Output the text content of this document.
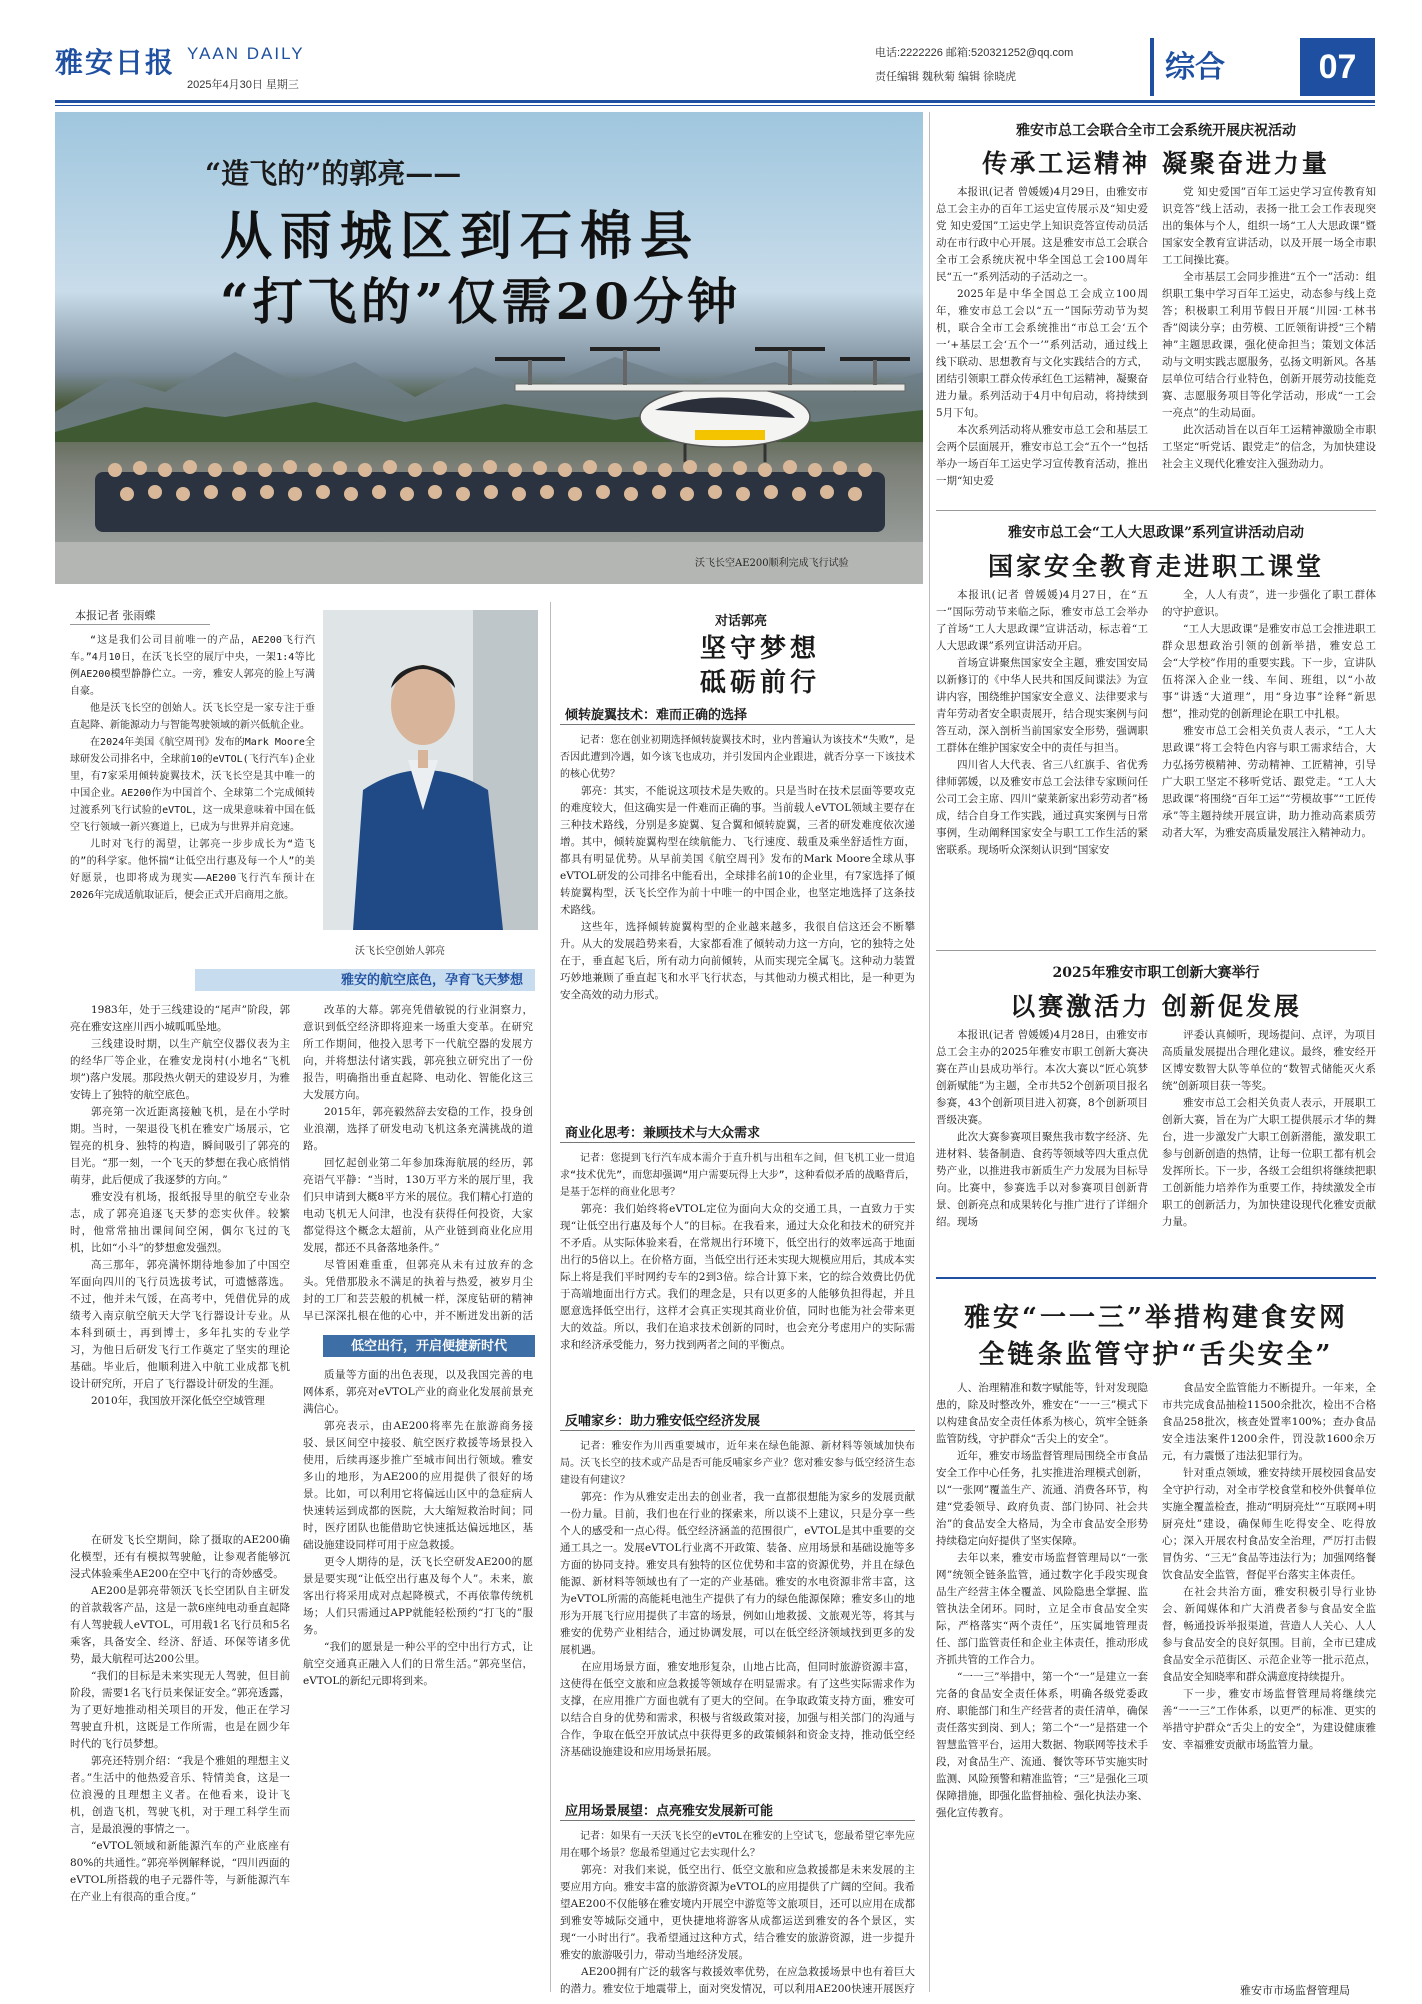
雅安日报 YAAN DAILY
2025年4月30日 星期三
电话:2222226 邮箱:520321252@qq.com
责任编辑 魏秋菊 编辑 徐晓虎	综合	07
“造飞的”的郭亮——
从雨城区到石棉县
“打飞的”仅需20分钟
沃飞长空AE200顺利完成飞行试验
本报记者 张雨蝶

“这是我们公司目前唯一的产品，AE200飞行汽车。”4月10日，在沃飞长空的展厅中央，一架1:4等比例AE200模型静静伫立。一旁，雅安人郭亮的脸上写满自豪。

他是沃飞长空的创始人。沃飞长空是一家专注于垂直起降、新能源动力与智能驾驶领域的新兴低航企业。

在2024年美国《航空周刊》发布的Mark Moore全球研发公司排名中，全球前10的eVTOL(飞行汽车)企业里，有7家采用倾转旋翼技术，沃飞长空是其中唯一的中国企业。AE200作为中国首个、全球第二个完成倾转过渡系列飞行试验的eVTOL，这一成果意味着中国在低空飞行领域一新兴赛道上，已成为与世界并肩竞速。

儿时对飞行的渴望，让郭亮一步步成长为“造飞的”的科学家。他怀揣“让低空出行惠及每一个人”的美好愿景，也即将成为现实——AE200飞行汽车预计在2026年完成适航取证后，便会正式开启商用之旅。

沃飞长空创始人郭亮
雅安的航空底色，孕育飞天梦想

1983年，处于三线建设的“尾声”阶段，郭亮在雅安这座川西小城呱呱坠地。

三线建设时期，以生产航空仪器仪表为主的经华厂等企业，在雅安龙岗村(小地名“飞机坝”)落户发展。那段热火朝天的建设岁月，为雅安铸上了独特的航空底色。

郭亮第一次近距离接触飞机，是在小学时期。当时，一架退役飞机在雅安广场展示，它锃亮的机身、独特的构造，瞬间吸引了郭亮的目光。“那一刻，一个飞天的梦想在我心底悄悄萌芽，此后便成了我逐梦的方向。”

雅安没有机场，报纸报导里的航空专业杂志，成了郭亮追逐飞天梦的恋实伙伴。较繁时，他常常抽出课间间空闲，偶尔飞过的飞机，比如“小斗”的梦想愈发强烈。

高三那年，郭亮满怀期待地参加了中国空军面向四川的飞行员选拔考试，可遗憾落选。不过，他并未气馁，在高考中，凭借优异的成绩考入南京航空航天大学飞行器设计专业。从本科到硕士，再到博士，多年扎实的专业学习，为他日后研发飞行工作奠定了坚实的理论基础。毕业后，他顺利进入中航工业成都飞机设计研究所，开启了飞行器设计研发的生涯。

2010年，我国放开深化低空空域管理

改革的大幕。郭亮凭借敏锐的行业洞察力，意识到低空经济即将迎来一场重大变革。在研究所工作期间，他投入思考下一代航空器的发展方向，并将想法付诸实践，郭亮独立研究出了一份报告，明确指出垂直起降、电动化、智能化这三大发展方向。

2015年，郭亮毅然辞去安稳的工作，投身创业浪潮，选择了研发电动飞机这条充满挑战的道路。

回忆起创业第二年参加珠海航展的经历，郭亮语气平静：“当时，130万平方米的展厅里，我们只申请到大概8平方米的展位。我们精心打造的电动飞机无人问津，也没有获得任何投资，大家都觉得这个概念太超前，从产业链到商业化应用发展，都还不具备落地条件。”

尽管困难重重，但郭亮从未有过放弃的念头。凭借那股永不满足的执着与热爱，被岁月尘封的工厂和芸芸般的机械一样，深度钻研的精神早已深深扎根在他的心中，并不断迸发出新的活

低空出行，开启便捷新时代

在研发飞长空期间，除了摄取的AE200确化模型，还有有模拟驾驶舱，让参观者能够沉浸式体验乘坐AE200在空中飞行的奇妙感受。

AE200是郭亮带领沃飞长空团队自主研发的首款载客产品，这是一款6座纯电动垂直起降有人驾驶载人eVTOL，可用载1名飞行员和5名乘客，具备安全、经济、舒适、环保等诸多优势，最大航程可达200公里。

“我们的目标是未来实现无人驾驶，但目前阶段，需要1名飞行员来保证安全。”郭亮透露，为了更好地推动相关项目的开发，他正在学习驾驶直升机，这既是工作所需，也是在圆少年时代的飞行员梦想。

郭亮还特别介绍：“我是个雅姐的理想主义者。”生活中的他热爱音乐、特情美食，这是一位浪漫的且理想主义者。在他看来，设计飞机，创造飞机，驾驶飞机，对于理工科学生而言，是最浪漫的事情之一。

“eVTOL领域和新能源汽车的产业底座有80%的共通性。”郭亮举例解释说，“四川西面的eVTOL所搭载的电子元器件等，与新能源汽车在产业上有很高的重合度。”

质量等方面的出色表现，以及我国完善的电网体系，郭亮对eVTOL产业的商业化发展前景充满信心。

郭亮表示，由AE200将率先在旅游商务接驳、景区间空中接驳、航空医疗救援等场景投入使用，后续再逐步推广至城市间出行领域。雅安多山的地形，为AE200的应用提供了很好的场景。比如，可以利用它将偏远山区中的急症病人快速转运到成都的医院，大大缩短救治时间；同时，医疗团队也能借助它快速抵达偏远地区，基础设施建设同样可用于应急救援。

更令人期待的是，沃飞长空研发AE200的愿景是要实现“让低空出行惠及每个人”。未来，旅客出行将采用成对点起降模式，不再依靠传统机场；人们只需通过APP就能轻松预约“打飞的”服务。

“我们的愿景是一种公平的空中出行方式，让航空交通真正融入人们的日常生活。”郭亮坚信，eVTOL的新纪元即将到来。

对话郭亮
坚守梦想
砥砺前行
倾转旋翼技术：难而正确的选择

记者：您在创业初期选择倾转旋翼技术时，业内普遍认为该技术“失败”，是否因此遭到冷遇，如今该飞也成功，并引发国内企业跟进，就否分享一下该技术的核心优势？

郭亮：其实，不能说这项技术是失败的。只是当时在技术层面等要攻克的难度较大，但这确实是一件难而正确的事。当前载人eVTOL领域主要存在三种技术路线，分别是多旋翼、复合翼和倾转旋翼，三者的研发难度依次递增。其中，倾转旋翼构型在续航能力、飞行速度、载重及乘坐舒适性方面，都具有明显优势。从早前美国《航空周刊》发布的Mark Moore全球从事eVTOL研发的公司排名中能看出，全球排名前10的企业里，有7家选择了倾转旋翼构型，沃飞长空作为前十中唯一的中国企业，也坚定地选择了这条技术路线。

这些年，选择倾转旋翼构型的企业越来越多，我很自信这还会不断攀升。从大的发展趋势来看，大家都看准了倾转动力这一方向，它的独特之处在于，垂直起飞后，所有动力向前倾转，从而实现完全属飞。这种动力装置巧妙地兼顾了垂直起飞和水平飞行状态，与其他动力模式相比，是一种更为安全高效的动力形式。

商业化思考：兼顾技术与大众需求

记者：您提到飞行汽车成本需介于直升机与出租车之间，但飞机工业一贯追求“技术优先”，而您却强调“用户需要玩得上大步”，这种看似矛盾的战略背后，是基于怎样的商业化思考？

郭亮：我们始终将eVTOL定位为面向大众的交通工具，一直致力于实现“让低空出行惠及每个人”的目标。在我看来，通过大众化和技术的研究并不矛盾。从实际体验来看，在常规出行环境下，低空出行的效率远高于地面出行的5倍以上。在价格方面，当低空出行还未实现大规模应用后，其成本实际上将是我们平时网约专车的2到3倍。综合计算下来，它的综合效费比仍优于高端地面出行方式。我们的理念是，只有以更多的人能够负担得起，并且愿意选择低空出行，这样才会真正实现其商业价值，同时也能为社会带来更大的效益。所以，我们在追求技术创新的同时，也会充分考虑用户的实际需求和经济承受能力，努力找到两者之间的平衡点。

反哺家乡：助力雅安低空经济发展

记者：雅安作为川西重要城市，近年来在绿色能源、新材料等领域加快布局。沃飞长空的技术或产品是否可能反哺家乡产业？您对雅安参与低空经济生态建设有何建议？

郭亮：作为从雅安走出去的创业者，我一直都很想能为家乡的发展贡献一份力量。目前，我们也在行业的探索来，所以谈不上建议，只是分享一些个人的感受和一点心得。低空经济涵盖的范围很广，eVTOL是其中重要的交通工具之一。发展eVTOL行业离不开政策、装备、应用场景和基础设施等多方面的协同支持。雅安具有独特的区位优势和丰富的资源优势，并且在绿色能源、新材料等领域也有了一定的产业基础。雅安的水电资源非常丰富，这为eVTOL所需的高能耗电池生产提供了有力的绿色能源保障；雅安多山的地形为开展飞行应用提供了丰富的场景，例如山地救援、文旅观光等，将其与雅安的优势产业相结合，通过协调发展，可以在低空经济领域找到更多的发展机遇。

在应用场景方面，雅安地形复杂，山地占比高，但同时旅游资源丰富，这使得在低空文旅和应急救援等领域存在明显需求。有了这些实际需求作为支撑，在应用推广方面也就有了更大的空间。在争取政策支持方面，雅安可以结合自身的优势和需求，积极与省级政策对接，加强与相关部门的沟通与合作，争取在低空开放试点中获得更多的政策倾斜和资金支持，推动低空经济基础设施建设和应用场景拓展。

应用场景展望：点亮雅安发展新可能

记者：如果有一天沃飞长空的eVTOL在雅安的上空试飞，您最希望它率先应用在哪个场景？您最希望通过它去实现什么？

郭亮：对我们来说，低空出行、低空文旅和应急救援都是未来发展的主要应用方向。雅安丰富的旅游资源为eVTOL的应用提供了广阔的空间。我希望AE200不仅能够在雅安境内开展空中游览等文旅项目，还可以应用在成都到雅安等城际交通中，更快捷地将游客从成都运送到雅安的各个景区，实现“一小时出行”。我希望通过这种方式，结合雅安的旅游资源，进一步提升雅安的旅游吸引力，带动当地经济发展。

AE200拥有广泛的载客与救援效率优势，在应急救援场景中也有着巨大的潜力。雅安位于地震带上，面对突发情况，可以利用AE200快速开展医疗

雅安市总工会联合全市工会系统开展庆祝活动
传承工运精神 凝聚奋进力量

本报讯(记者 曾媛媛)4月29日，由雅安市总工会主办的百年工运史宣传展示及“知史爱党 知史爱国”工运史学上知识竞答宣传动员活动在市行政中心开展。这是雅安市总工会联合全市工会系统庆祝中华全国总工会100周年民“五一”系列活动的子活动之一。

2025年是中华全国总工会成立100周年，雅安市总工会以“五一”国际劳动节为契机，联合全市工会系统推出“市总工会‘五个一’+基层工会‘五个一’”系列活动，通过线上线下联动、思想教育与文化实践结合的方式，团结引领职工群众传承红色工运精神，凝聚奋进力量。系列活动于4月中旬启动，将持续到5月下旬。

本次系列活动将从雅安市总工会和基层工会两个层面展开，雅安市总工会“五个一”包括举办一场百年工运史学习宣传教育活动，推出一期“知史爱

党 知史爱国”百年工运史学习宣传教育知识竞答”线上活动，表扬一批工会工作表现突出的集体与个人，组织一场“工人大思政课”暨国家安全教育宣讲活动，以及开展一场全市职工工间操比赛。

全市基层工会同步推进“五个一”活动：组织职工集中学习百年工运史，动态参与线上竞答；积极职工利用节假日开展“川园·工林书香”阅读分享；由劳模、工匠领衔讲授“三个精神”主题思政课，强化使命担当；策划文体活动与文明实践志愿服务，弘扬文明新风。各基层单位可结合行业特色，创新开展劳动技能竞赛、志愿服务项目等化学活动，形成“一工会一亮点”的生动局面。

此次活动旨在以百年工运精神激励全市职工坚定“听党话、跟党走”的信念，为加快建设社会主义现代化雅安注入强劲动力。

雅安市总工会“工人大思政课”系列宣讲活动启动
国家安全教育走进职工课堂

本报讯(记者 曾媛媛)4月27日，在“五一”国际劳动节来临之际，雅安市总工会举办了首场“工人大思政课”宣讲活动，标志着“工人大思政课”系列宣讲活动开启。

首场宣讲聚焦国家安全主题，雅安国安局以新修订的《中华人民共和国反间谍法》为宣讲内容，围绕维护国家安全意义、法律要求与青年劳动者安全职责展开，结合现实案例与问答互动，深入剖析当前国家安全形势，强调职工群体在维护国家安全中的责任与担当。

四川省人大代表、省三八红旗手、省优秀律师郭媛，以及雅安市总工会法律专家顾问任公司工会主席、四川“蒙莱新家出彩劳动者”杨成，结合自身工作实践，通过真实案例与日常事例，生动阐释国家安全与职工工作生活的紧密联系。现场听众深刻认识到“国家安

全，人人有责”，进一步强化了职工群体的守护意识。

“工人大思政课”是雅安市总工会推进职工群众思想政治引领的创新举措，雅安总工会“大学校”作用的重要实践。下一步，宣讲队伍将深入企业一线、车间、班组，以“小故事”讲透“大道理”，用“身边事”诠释“新思想”，推动党的创新理论在职工中扎根。

雅安市总工会相关负责人表示，“工人大思政课”将工会特色内容与职工需求结合，大力弘扬劳模精神、劳动精神、工匠精神，引导广大职工坚定不移听党话、跟党走。“工人大思政课”将围绕“百年工运”“劳模故事”“工匠传承”等主题持续开展宣讲，助力推动高素质劳动者大军，为雅安高质量发展注入精神动力。

2025年雅安市职工创新大赛举行
以赛激活力 创新促发展

本报讯(记者 曾媛媛)4月28日，由雅安市总工会主办的2025年雅安市职工创新大赛决赛在芦山县成功举行。本次大赛以“匠心筑梦 创新赋能”为主题，全市共52个创新项目报名参赛，43个创新项目进入初赛，8个创新项目晋级决赛。

此次大赛参赛项目聚焦我市数字经济、先进材料、装备制造、食药等领域等四大重点优势产业，以推进我市新质生产力发展为目标导向。比赛中，参赛选手以对参赛项目创新背景、创新亮点和成果转化与推广进行了详细介绍。现场

评委认真倾听，现场提问、点评，为项目高质量发展提出合理化建议。最终，雅安经开区博安数智大队等单位的“数智式储能灭火系统”创新项目获一等奖。

雅安市总工会相关负责人表示，开展职工创新大赛，旨在为广大职工提供展示才华的舞台，进一步激发广大职工创新潜能，激发职工参与创新创造的热情，让每一位职工都有机会发挥所长。下一步，各级工会组织将继续把职工创新能力培养作为重要工作，持续激发全市职工的创新活力，为加快建设现代化雅安贡献力量。

雅安“一一三”举措构建食安网
全链条监管守护“舌尖安全”

人、治理精准和数字赋能等，针对发现隐患的，除及时整改外，雅安在“一一三”模式下以构建食品安全责任体系为核心，筑牢全链条监管防线，守护群众“舌尖上的安全”。

近年，雅安市场监督管理局围绕全市食品安全工作中心任务，扎实推进治理模式创新，以“一张网”覆盖生产、流通、消费各环节，构建“党委领导、政府负责、部门协同、社会共治”的食品安全大格局，为全市食品安全形势持续稳定向好提供了坚实保障。

去年以来，雅安市场监督管理局以“一张网”统领全链条监管，通过数字化手段实现食品生产经营主体全覆盖、风险隐患全掌握、监管执法全闭环。同时，立足全市食品安全实际，严格落实“两个责任”，压实属地管理责任、部门监管责任和企业主体责任，推动形成齐抓共管的工作合力。

“一一三”举措中，第一个“一”是建立一套完备的食品安全责任体系，明确各级党委政府、职能部门和生产经营者的责任清单，确保责任落实到岗、到人；第二个“一”是搭建一个智慧监管平台，运用大数据、物联网等技术手段，对食品生产、流通、餐饮等环节实施实时监测、风险预警和精准监管；“三”是强化三项保障措施，即强化监督抽检、强化执法办案、强化宣传教育。

食品安全监管能力不断提升。一年来，全市共完成食品抽检11500余批次，检出不合格食品258批次，核查处置率100%；查办食品安全违法案件1200余件，罚没款1600余万元，有力震慑了违法犯罪行为。

针对重点领域，雅安持续开展校园食品安全守护行动，对全市学校食堂和校外供餐单位实施全覆盖检查，推动“明厨亮灶”“互联网+明厨亮灶”建设，确保师生吃得安全、吃得放心；深入开展农村食品安全治理，严厉打击假冒伪劣、“三无”食品等违法行为；加强网络餐饮食品安全监管，督促平台落实主体责任。

在社会共治方面，雅安积极引导行业协会、新闻媒体和广大消费者参与食品安全监督，畅通投诉举报渠道，营造人人关心、人人参与食品安全的良好氛围。目前，全市已建成食品安全示范街区、示范企业等一批示范点，食品安全知晓率和群众满意度持续提升。

下一步，雅安市场监督管理局将继续完善“一一三”工作体系，以更严的标准、更实的举措守护群众“舌尖上的安全”，为建设健康雅安、幸福雅安贡献市场监管力量。

雅安市市场监督管理局
